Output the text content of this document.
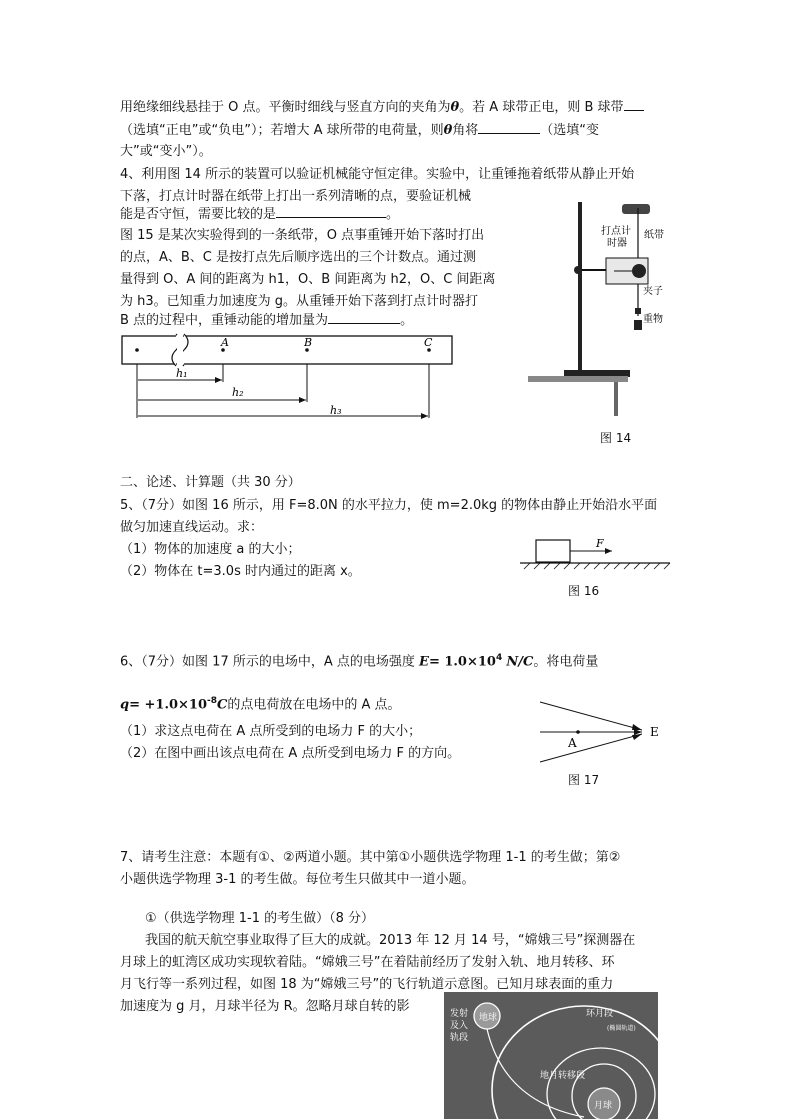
用绝缘细线悬挂于 O 点。平衡时细线与竖直方向的夹角为θ。若 A 球带正电，则 B 球带
（选填“正电”或“负电”）；若增大 A 球所带的电荷量，则θ角将	（选填“变
大”或“变小”）。
4、利用图 14 所示的装置可以验证机械能守恒定律。实验中，让重锤拖着纸带从静止开始
下落，打点计时器在纸带上打出一系列清晰的点，要验证机械
能是否守恒，需要比较的是	。
图 15 是某次实验得到的一条纸带，O 点事重锤开始下落时打出
的点，A、B、C 是按打点先后顺序选出的三个计数点。通过测
量得到 O、A 间的距离为 h1，O、B 间距离为 h2，O、C 间距离
为 h3。已知重力加速度为 g。从重锤开始下落到打点计时器打
B 点的过程中，重锤动能的增加量为	。
A	B	C
h₁
h₂
h₃
打点计
时器
纸带
夹子
重物
图 14
二、论述、计算题（共 30 分）
5、（7分）如图 16 所示，用 F=8.0N 的水平拉力，使 m=2.0kg 的物体由静止开始沿水平面
做匀加速直线运动。求：
（1）物体的加速度 a 的大小；
（2）物体在 t=3.0s 时内通过的距离 x。
F
图 16
6、（7分）如图 17 所示的电场中，A 点的电场强度 $E= 1.0\times 10^4$ N/C。将电荷量
$q= +1.0\times 10^{-8}C$的点电荷放在电场中的 A 点。
（1）求这点电荷在 A 点所受到的电场力 F 的大小；
（2）在图中画出该点电荷在 A 点所受到电场力 F 的方向。
A
E
图 17
7、请考生注意：本题有①、②两道小题。其中第①小题供选学物理 1-1 的考生做；第②
小题供选学物理 3-1 的考生做。每位考生只做其中一道小题。
①（供选学物理 1-1 的考生做）（8 分）
我国的航天航空事业取得了巨大的成就。2013 年 12 月 14 号，“嫦娥三号”探测器在
月球上的虹湾区成功实现软着陆。“嫦娥三号”在着陆前经历了发射入轨、地月转移、环
月飞行等一系列过程，如图 18 为“嫦娥三号”的飞行轨道示意图。已知月球表面的重力
加速度为 g 月，月球半径为 R。忽略月球自转的影
地球
发射
及入
轨段
地月转移段
环月段
(椭圆轨道)
月球
